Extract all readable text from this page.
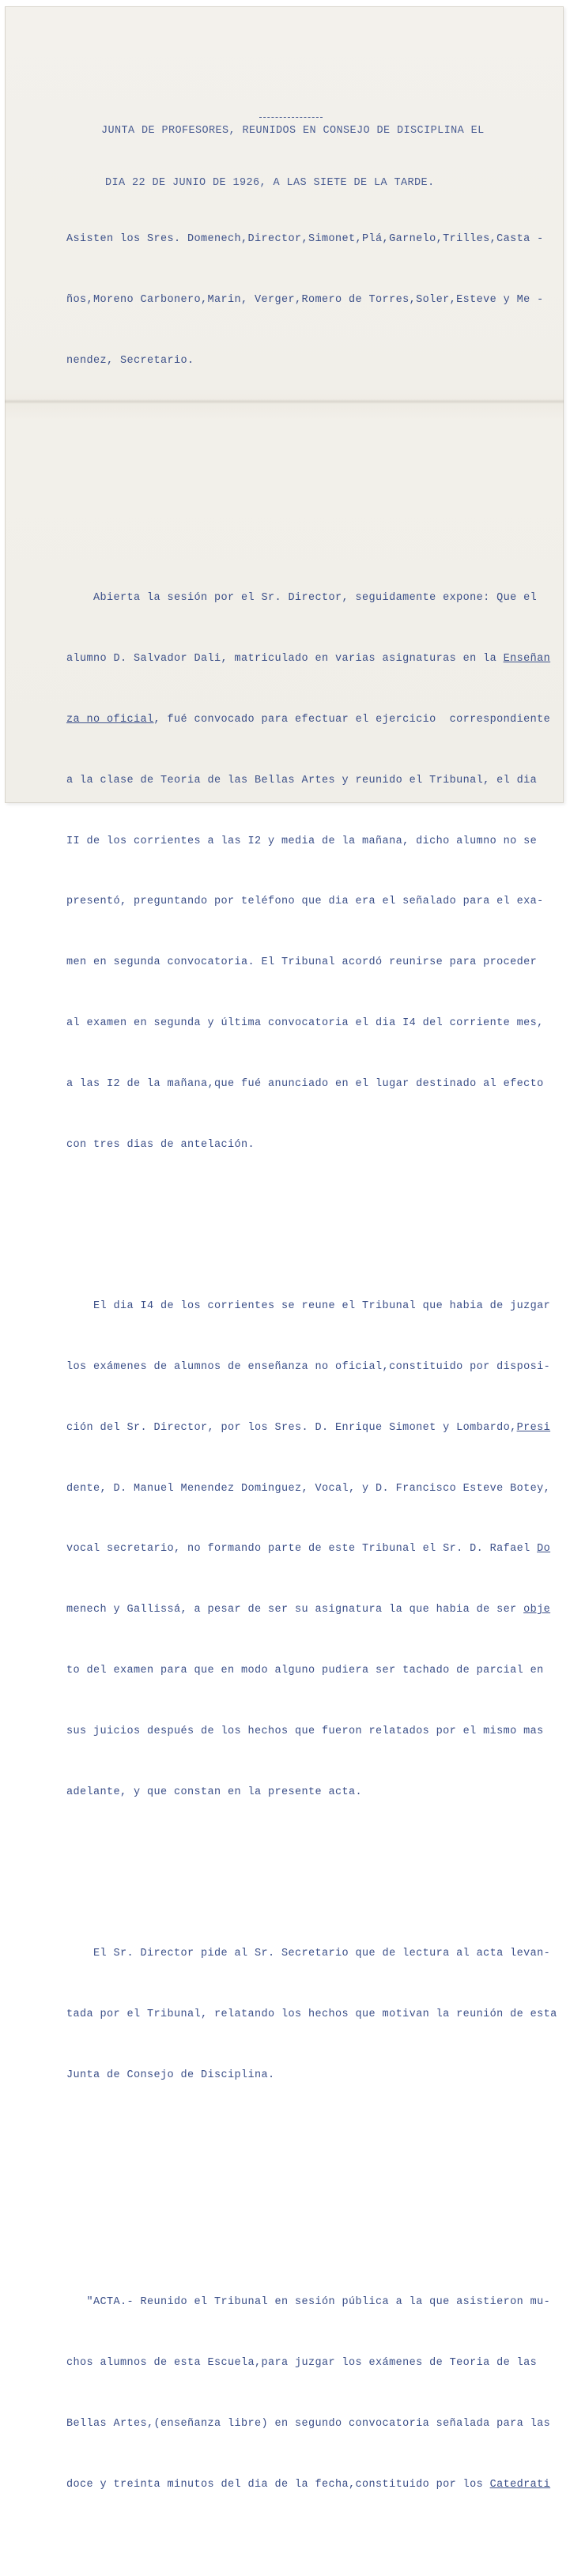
JUNTA DE PROFESORES, REUNIDOS EN CONSEJO DE DISCIPLINA EL

DIA 22 DE JUNIO DE 1926, A LAS SIETE DE LA TARDE.

Asisten los Sres. Domenech,Director,Simonet,Plá,Garnelo,Trilles,Casta -

ños,Moreno Carbonero,Marin, Verger,Romero de Torres,Soler,Esteve y Me -

nendez, Secretario.

Abierta la sesión por el Sr. Director, seguidamente expone: Que el

alumno D. Salvador Dali, matriculado en varias asignaturas en la Enseñan

za no oficial, fué convocado para efectuar el ejercicio  correspondiente

a la clase de Teoria de las Bellas Artes y reunido el Tribunal, el dia

II de los corrientes a las I2 y media de la mañana, dicho alumno no se

presentó, preguntando por teléfono que dia era el señalado para el exa-

men en segunda convocatoria. El Tribunal acordó reunirse para proceder

al examen en segunda y última convocatoria el dia I4 del corriente mes,

a las I2 de la mañana,que fué anunciado en el lugar destinado al efecto

con tres dias de antelación.

El dia I4 de los corrientes se reune el Tribunal que habia de juzgar

los exámenes de alumnos de enseñanza no oficial,constituido por disposi-

ción del Sr. Director, por los Sres. D. Enrique Simonet y Lombardo,Presi

dente, D. Manuel Menendez Dominguez, Vocal, y D. Francisco Esteve Botey,

vocal secretario, no formando parte de este Tribunal el Sr. D. Rafael Do

menech y Gallissá, a pesar de ser su asignatura la que habia de ser obje

to del examen para que en modo alguno pudiera ser tachado de parcial en

sus juicios después de los hechos que fueron relatados por el mismo mas

adelante, y que constan en la presente acta.

El Sr. Director pide al Sr. Secretario que de lectura al acta levan-

tada por el Tribunal, relatando los hechos que motivan la reunión de esta

Junta de Consejo de Disciplina.

"ACTA.- Reunido el Tribunal en sesión pública a la que asistieron mu-

chos alumnos de esta Escuela,para juzgar los exámenes de Teoria de las

Bellas Artes,(enseñanza libre) en segundo convocatoria señalada para las

doce y treinta minutos del dia de la fecha,constituido por los Catedrati
